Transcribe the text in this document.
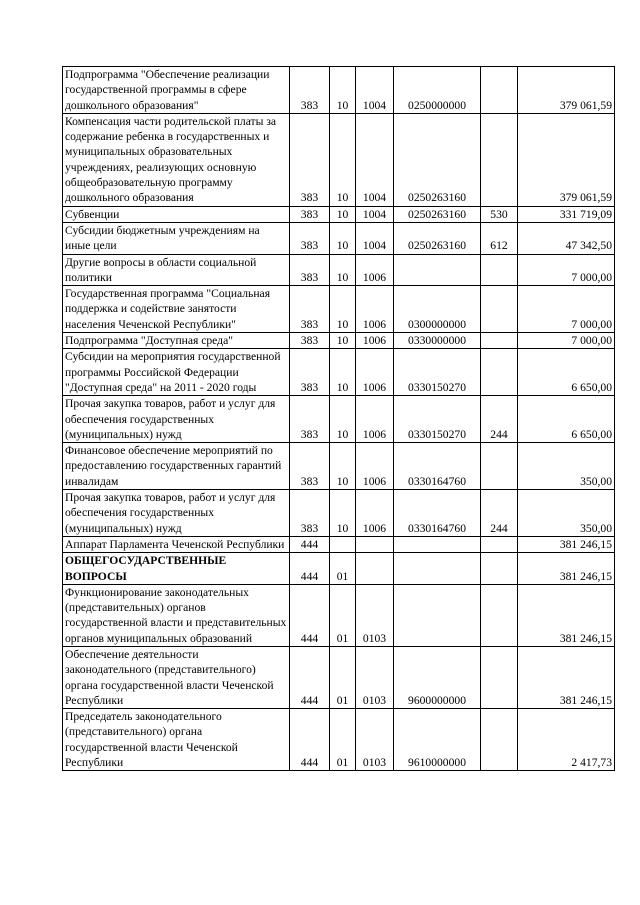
Подпрограмма "Обеспечение реализации государственной программы в сфере дошкольного образования"	383	10	1004	0250000000		379 061,59
Компенсация части родительской платы за содержание ребенка в государственных и муниципальных образовательных учреждениях, реализующих основную общеобразовательную программу дошкольного образования	383	10	1004	0250263160		379 061,59
Субвенции	383	10	1004	0250263160	530	331 719,09
Субсидии бюджетным учреждениям на иные цели	383	10	1004	0250263160	612	47 342,50
Другие вопросы в области социальной политики	383	10	1006			7 000,00
Государственная программа "Социальная поддержка и содействие занятости населения Чеченской Республики"	383	10	1006	0300000000		7 000,00
Подпрограмма "Доступная среда"	383	10	1006	0330000000		7 000,00
Субсидии на мероприятия государственной программы Российской Федерации "Доступная среда" на 2011 - 2020 годы	383	10	1006	0330150270		6 650,00
Прочая закупка товаров, работ и услуг для обеспечения государственных (муниципальных) нужд	383	10	1006	0330150270	244	6 650,00
Финансовое обеспечение мероприятий по предоставлению государственных гарантий инвалидам	383	10	1006	0330164760		350,00
Прочая закупка товаров, работ и услуг для обеспечения государственных (муниципальных) нужд	383	10	1006	0330164760	244	350,00
Аппарат Парламента Чеченской Республики	444					381 246,15
ОБЩЕГОСУДАРСТВЕННЫЕ ВОПРОСЫ	444	01				381 246,15
Функционирование законодательных (представительных) органов государственной власти и представительных органов муниципальных образований	444	01	0103			381 246,15
Обеспечение деятельности законодательного (представительного) органа государственной власти Чеченской Республики	444	01	0103	9600000000		381 246,15
Председатель законодательного (представительного) органа государственной власти Чеченской Республики	444	01	0103	9610000000		2 417,73
